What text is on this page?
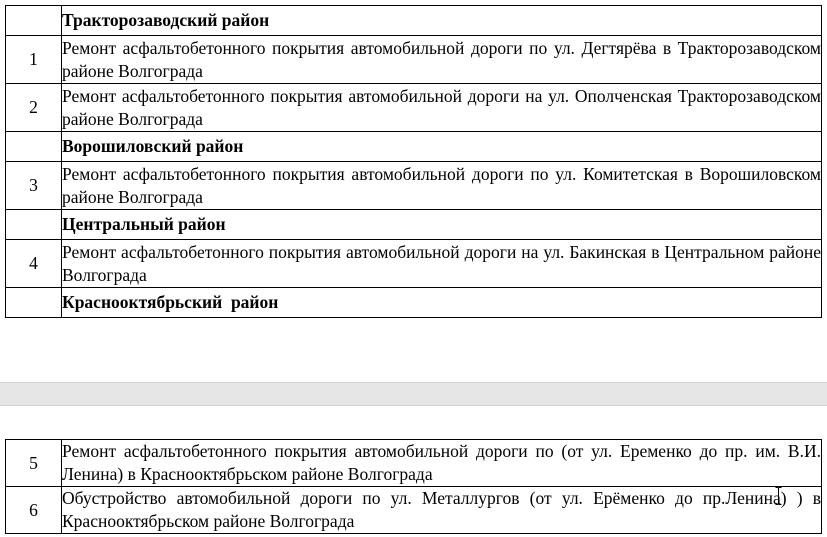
	Тракторозаводский район
1	Ремонт асфальтобетонного покрытия автомобильной дороги по ул. Дегтярёва в Тракторозаводском районе Волгограда
2	Ремонт асфальтобетонного покрытия автомобильной дороги на ул. Ополченская Тракторозаводском районе Волгограда
	Ворошиловский район
3	Ремонт асфальтобетонного покрытия автомобильной дороги по ул. Комитетская в Ворошиловском районе Волгограда
	Центральный район
4	Ремонт асфальтобетонного покрытия автомобильной дороги на ул. Бакинская в Центральном районе Волгограда
	Краснооктябрьский  район
5	Ремонт асфальтобетонного покрытия автомобильной дороги по (от ул. Еременко до пр. им. В.И. Ленина) в Краснооктябрьском районе Волгограда
6	Обустройство автомобильной дороги по ул. Металлургов (от ул. Ерёменко до пр.Ленина) ) в Краснооктябрьском районе Волгограда
